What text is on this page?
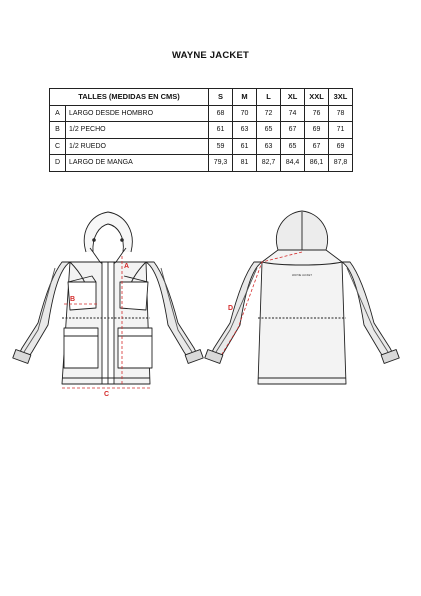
WAYNE JACKET
TALLES (MEDIDAS EN CMS)		S	M	L	XL	XXL	3XL
A	LARGO DESDE HOMBRO	68	70	72	74	76	78
B	1/2 PECHO	61	63	65	67	69	71
C	1/2 RUEDO	59	61	63	65	67	69
D	LARGO DE MANGA	79,3	81	82,7	84,4	86,1	87,8
WAYNE JACKET
A
B
C
D
